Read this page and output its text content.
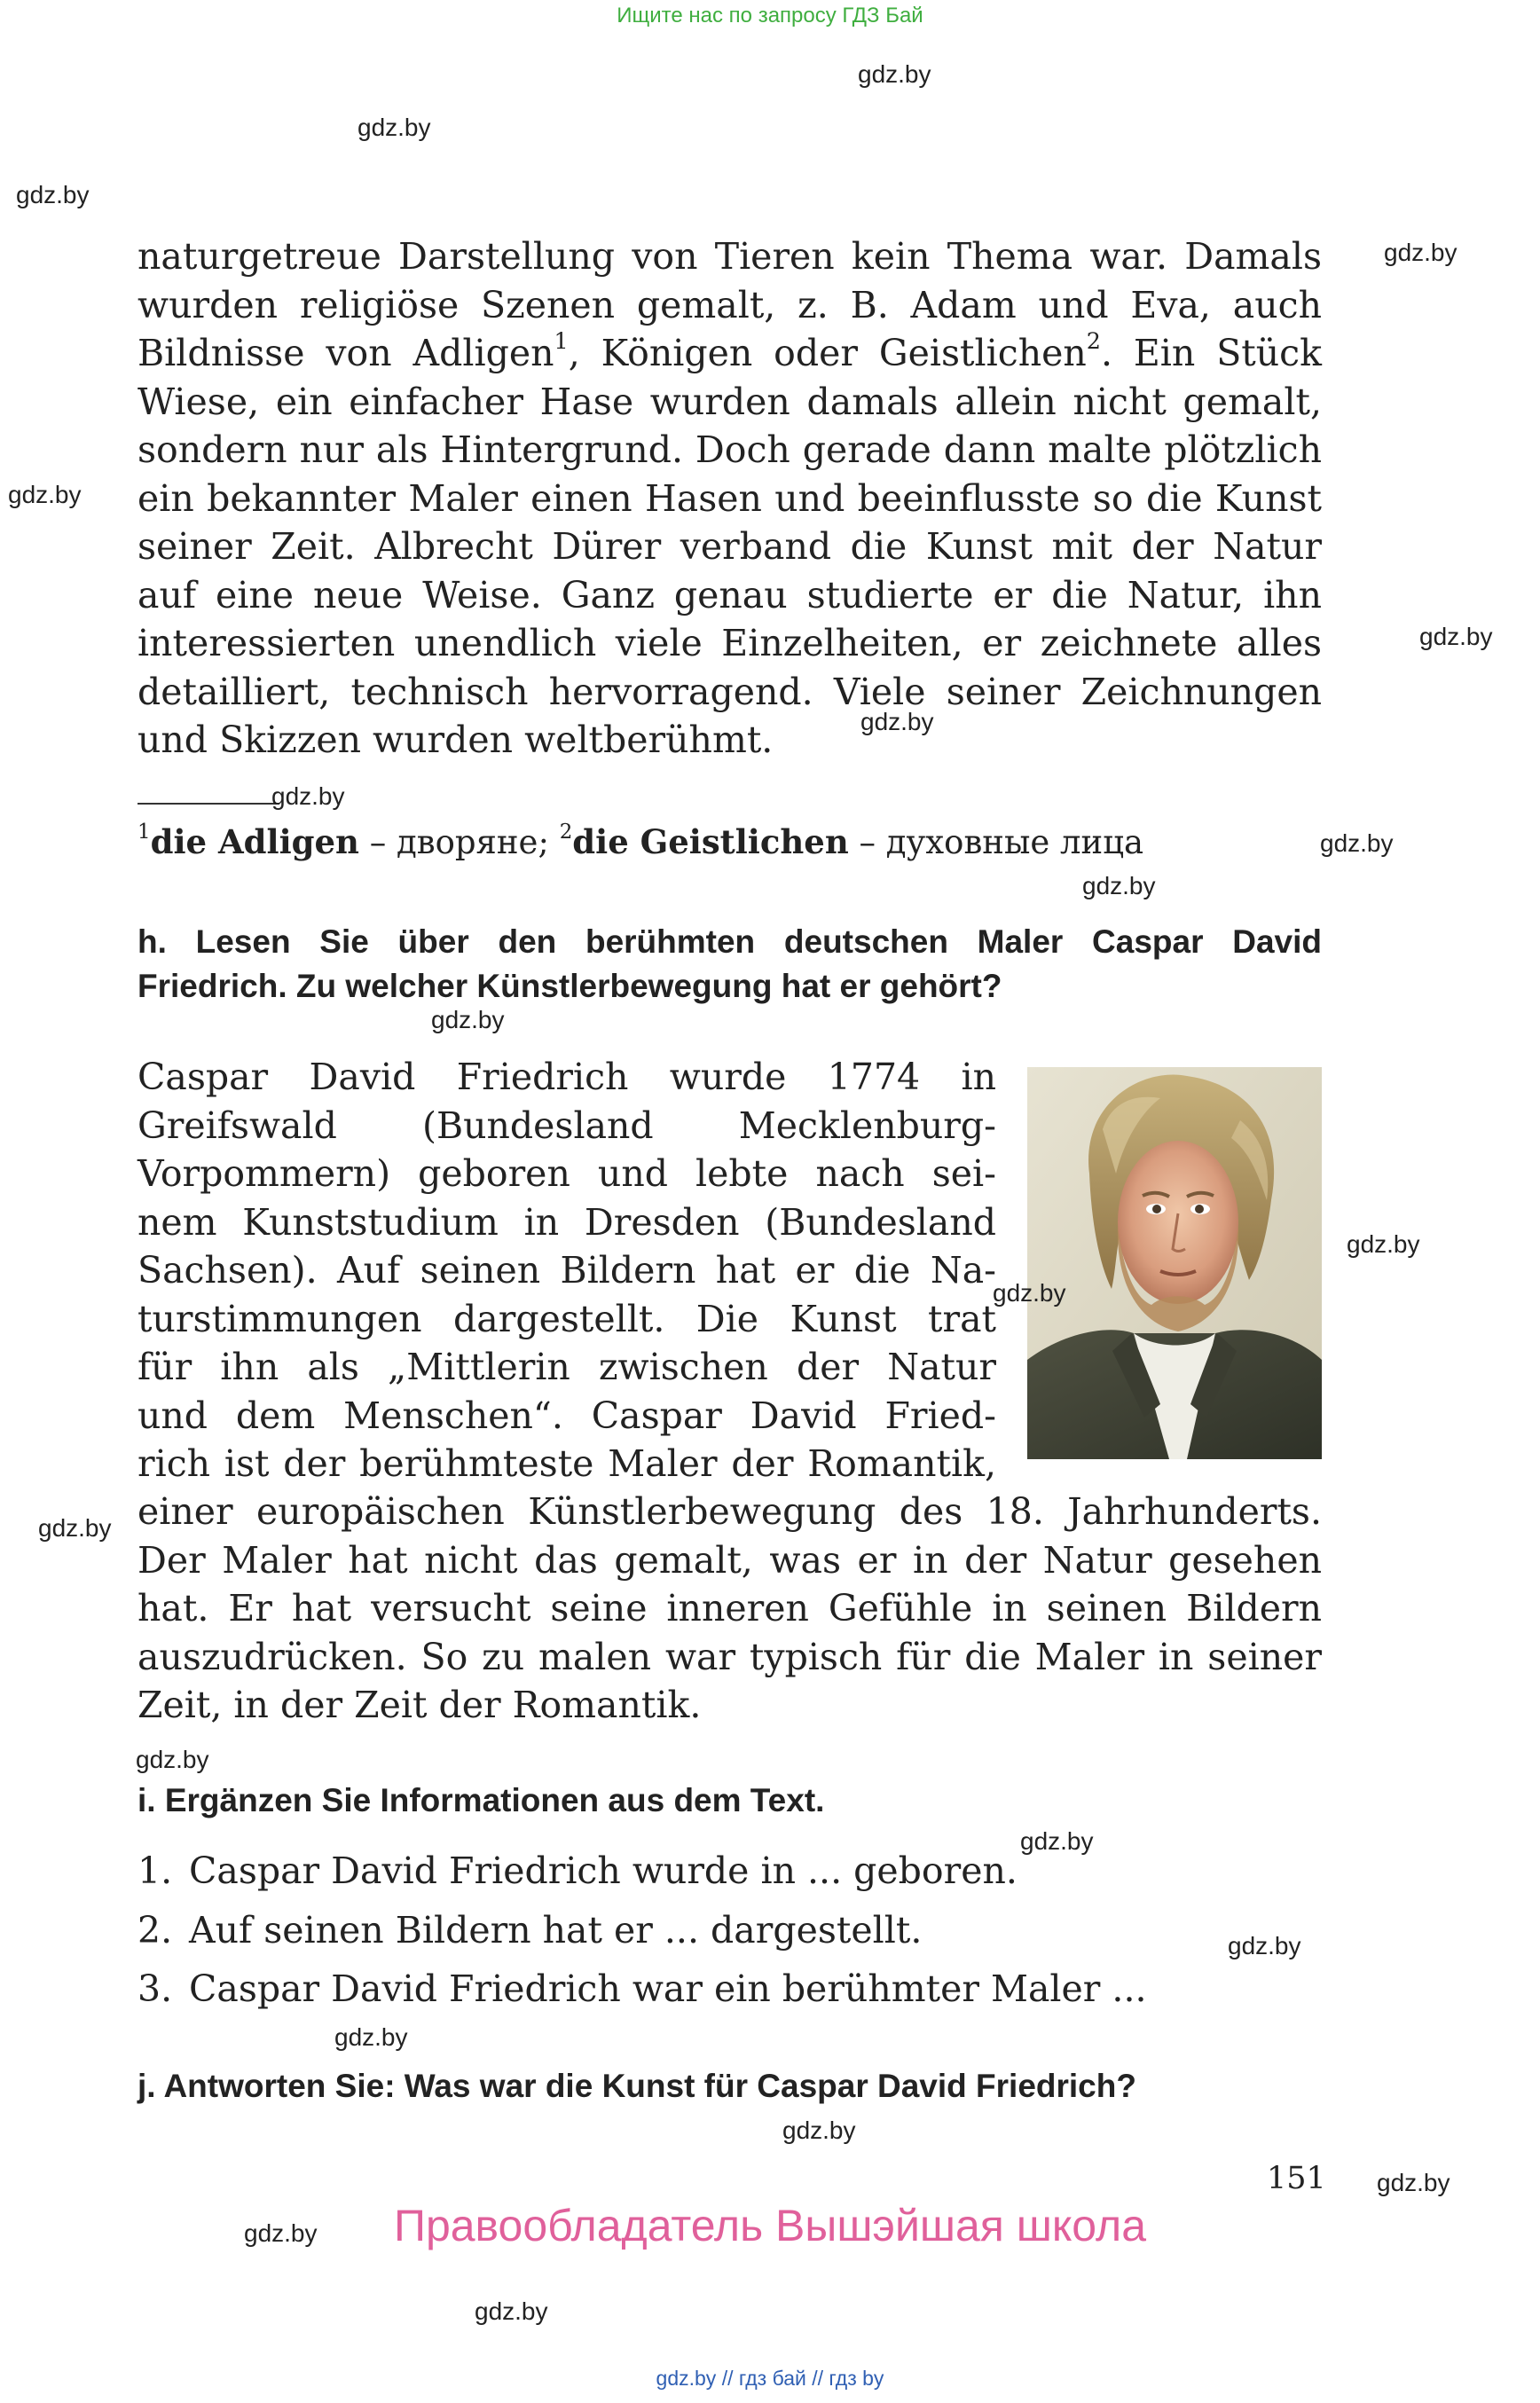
Ищите нас по запросу ГДЗ Бай
naturgetreue Darstellung von Tieren kein Thema war. Damals
wurden religiöse Szenen gemalt, z. B. Adam und Eva, auch
Bildnisse von Adligen$^1$, Königen oder Geistlichen$^2$. Ein Stück
Wiese, ein einfacher Hase wurden damals allein nicht gemalt,
sondern nur als Hintergrund. Doch gerade dann malte plötzlich
ein bekannter Maler einen Hasen und beeinflusste so die Kunst
seiner Zeit. Albrecht Dürer verband die Kunst mit der Natur
auf eine neue Weise. Ganz genau studierte er die Natur, ihn
interessierten unendlich viele Einzelheiten, er zeichnete alles
detailliert, technisch hervorragend. Viele seiner Zeichnungen
und Skizzen wurden weltberühmt.
$^1$die Adligen – дворяне; $^2$die Geistlichen – духовные лица
h. Lesen Sie über den berühmten deutschen Maler Caspar David
Friedrich. Zu welcher Künstlerbewegung hat er gehört?
Caspar David Friedrich wurde 1774 in
Greifswald (Bundesland Mecklenburg-
Vorpommern) geboren und lebte nach sei-
nem Kunststudium in Dresden (Bundesland
Sachsen). Auf seinen Bildern hat er die Na-
turstimmungen dargestellt. Die Kunst trat
für ihn als „Mittlerin zwischen der Natur
und dem Menschen“. Caspar David Fried-
rich ist der berühmteste Maler der Romantik,
einer europäischen Künstlerbewegung des 18. Jahrhunderts.
Der Maler hat nicht das gemalt, was er in der Natur gesehen
hat. Er hat versucht seine inneren Gefühle in seinen Bildern
auszudrücken. So zu malen war typisch für die Maler in seiner
Zeit, in der Zeit der Romantik.
i. Ergänzen Sie Informationen aus dem Text.
1. Caspar David Friedrich wurde in ... geboren.
2. Auf seinen Bildern hat er ... dargestellt.
3. Caspar David Friedrich war ein berühmter Maler ...
j. Antworten Sie: Was war die Kunst für Caspar David Friedrich?
151
Правообладатель Вышэйшая школа
gdz.by // гдз бай // гдз by
gdz.by
gdz.by
gdz.by
gdz.by
gdz.by
gdz.by
gdz.by
gdz.by
gdz.by
gdz.by
gdz.by
gdz.by
gdz.by
gdz.by
gdz.by
gdz.by
gdz.by
gdz.by
gdz.by
gdz.by
gdz.by
gdz.by
